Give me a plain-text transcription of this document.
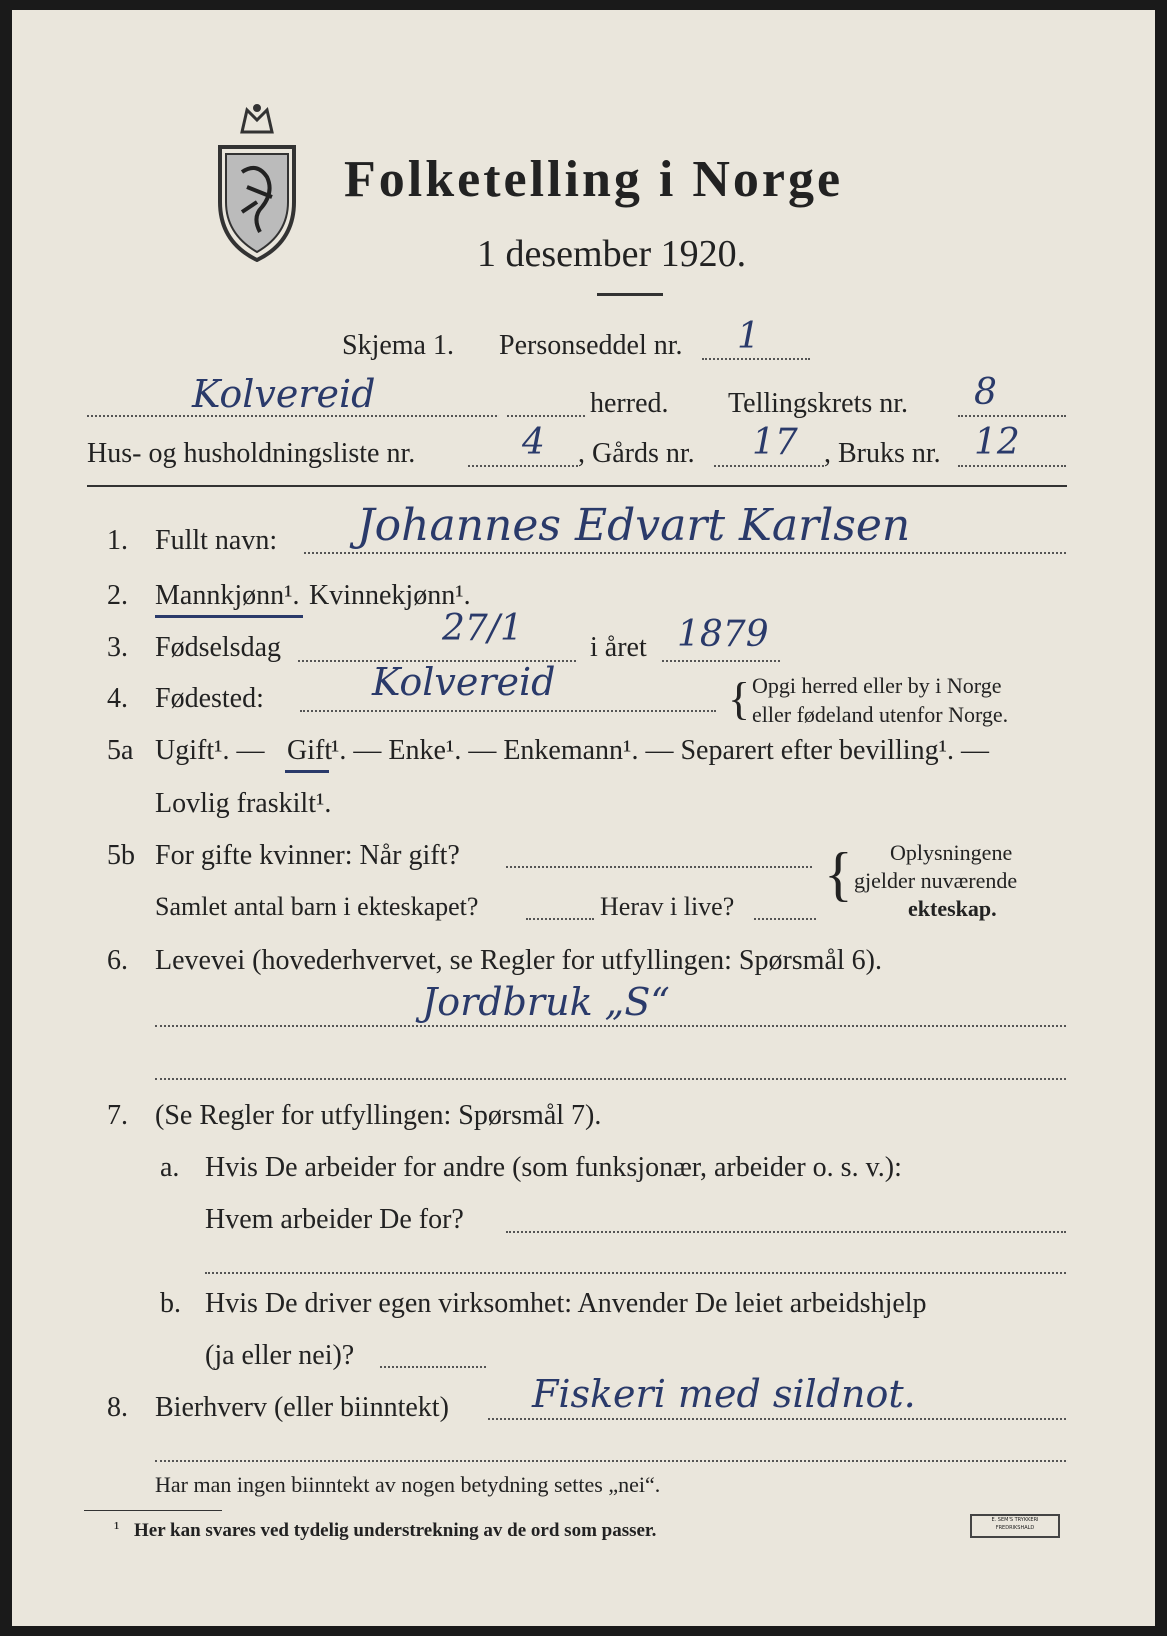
Folketelling i Norge
1 desember 1920.
Skjema 1. Personseddel nr. 1
Kolvereid	herred. Tellingskrets nr. 8
Hus- og husholdningsliste nr.	4 , Gårds nr. 17 , Bruks nr. 12
1. Fullt navn: Johannes Edvart Karlsen
2. Mannkjønn¹. Kvinnekjønn¹.
3. Fødselsdag	27/1 i året 1879
4. Fødested:	Kolvereid	{ Opgi herred eller by i Norge
eller fødeland utenfor Norge.
5a Ugift¹. — Gift
¹. — Enke¹. — Enkemann¹. — Separert efter bevilling¹. —
Lovlig fraskilt¹.
5b For gifte kvinner: Når gift?
Samlet antal barn i ekteskapet?	Herav i live? { Oplysningene
gjelder nuværende
ekteskap.
6. Levevei (hovederhvervet, se Regler for utfyllingen: Spørsmål 6).
Jordbruk „S“
7. (Se Regler for utfyllingen: Spørsmål 7).
a. Hvis De arbeider for andre (som funksjonær, arbeider o. s. v.):
Hvem arbeider De for?
b. Hvis De driver egen virksomhet: Anvender De leiet arbeidshjelp
(ja eller nei)?
8. Bierhverv (eller biinntekt) Fiskeri med sildnot.
Har man ingen biinntekt av nogen betydning settes „nei“.
¹ Her kan svares ved tydelig understrekning av de ord som passer.	E. SEM'S TRYKKERI FREDRIKSHALD
